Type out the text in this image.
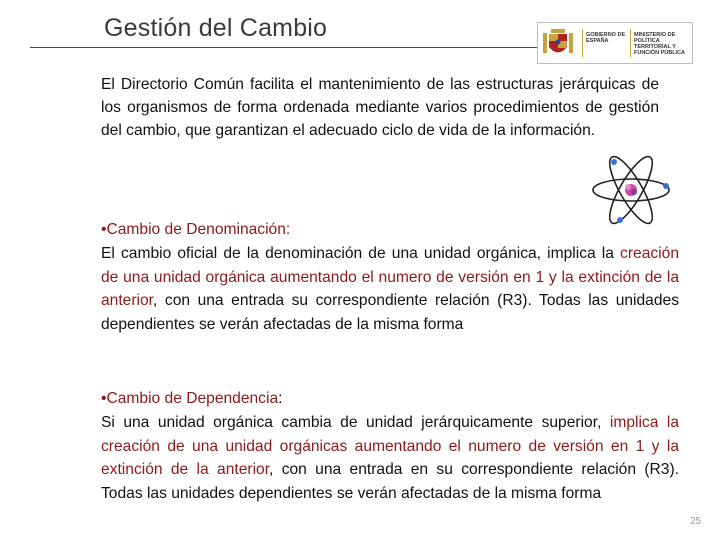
Gestión del Cambio	GOBIERNO DE ESPAÑA
MINISTERIO DE POLÍTICA TERRITORIAL Y FUNCIÓN PÚBLICA
El Directorio Común facilita el mantenimiento de las estructuras jerárquicas de los organismos de forma ordenada mediante varios procedimientos de gestión del cambio, que garantizan el adecuado ciclo de vida de la información.
•Cambio de Denominación:
El cambio oficial de la denominación de una unidad orgánica, implica la creación de una unidad orgánica aumentando el numero de versión en 1 y la extinción de la anterior, con una entrada su correspondiente relación (R3). Todas las unidades dependientes se verán afectadas de la misma forma
•Cambio de Dependencia:
Si una unidad orgánica cambia de unidad jerárquicamente superior, implica la creación de una unidad orgánicas aumentando el numero de versión en 1 y la extinción de la anterior, con una entrada en su correspondiente relación (R3). Todas las unidades dependientes se verán afectadas de la misma forma
25
